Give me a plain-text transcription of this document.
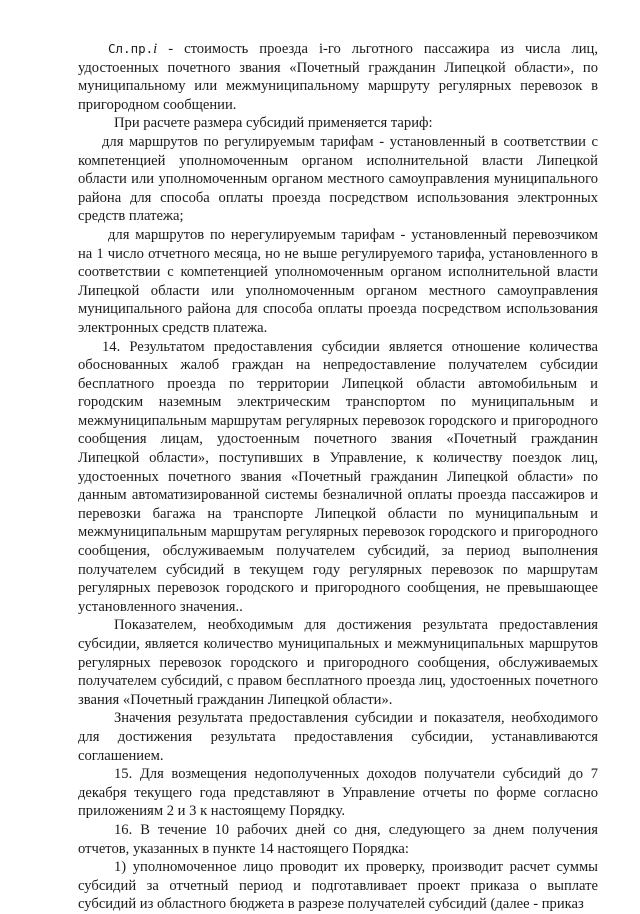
Сл.пр.i - стоимость проезда i-го льготного пассажира из числа лиц, удостоенных почетного звания «Почетный гражданин Липецкой области», по муниципальному или межмуниципальному маршруту регулярных перевозок в пригородном сообщении.

При расчете размера субсидий применяется тариф:

для маршрутов по регулируемым тарифам - установленный в соответствии с компетенцией уполномоченным органом исполнительной власти Липецкой области или уполномоченным органом местного самоуправления муниципального района для способа оплаты проезда посредством использования электронных средств платежа;

для маршрутов по нерегулируемым тарифам - установленный перевозчиком на 1 число отчетного месяца, но не выше регулируемого тарифа, установленного в соответствии с компетенцией уполномоченным органом исполнительной власти Липецкой области или уполномоченным органом местного самоуправления муниципального района для способа оплаты проезда посредством использования электронных средств платежа.

14. Результатом предоставления субсидии является отношение количества обоснованных жалоб граждан на непредоставление получателем субсидии бесплатного проезда по территории Липецкой области автомобильным и городским наземным электрическим транспортом по муниципальным и межмуниципальным маршрутам регулярных перевозок городского и пригородного сообщения лицам, удостоенным почетного звания «Почетный гражданин Липецкой области», поступивших в Управление, к количеству поездок лиц, удостоенных почетного звания «Почетный гражданин Липецкой области» по данным автоматизированной системы безналичной оплаты проезда пассажиров и перевозки багажа на транспорте Липецкой области по муниципальным и межмуниципальным маршрутам регулярных перевозок городского и пригородного сообщения, обслуживаемым получателем субсидий, за период выполнения получателем субсидий в текущем году регулярных перевозок по маршрутам регулярных перевозок городского и пригородного сообщения, не превышающее установленного значения..

Показателем, необходимым для достижения результата предоставления субсидии, является количество муниципальных и межмуниципальных маршрутов регулярных перевозок городского и пригородного сообщения, обслуживаемых получателем субсидий, с правом бесплатного проезда лиц, удостоенных почетного звания «Почетный гражданин Липецкой области».

Значения результата предоставления субсидии и показателя, необходимого для достижения результата предоставления субсидии, устанавливаются соглашением.

15. Для возмещения недополученных доходов получатели субсидий до 7 декабря текущего года представляют в Управление отчеты по форме согласно приложениям 2 и 3 к настоящему Порядку.

16. В течение 10 рабочих дней со дня, следующего за днем получения отчетов, указанных в пункте 14 настоящего Порядка:

1) уполномоченное лицо проводит их проверку, производит расчет суммы субсидий за отчетный период и подготавливает проект приказа о выплате субсидий из областного бюджета в разрезе получателей субсидий (далее - приказ
